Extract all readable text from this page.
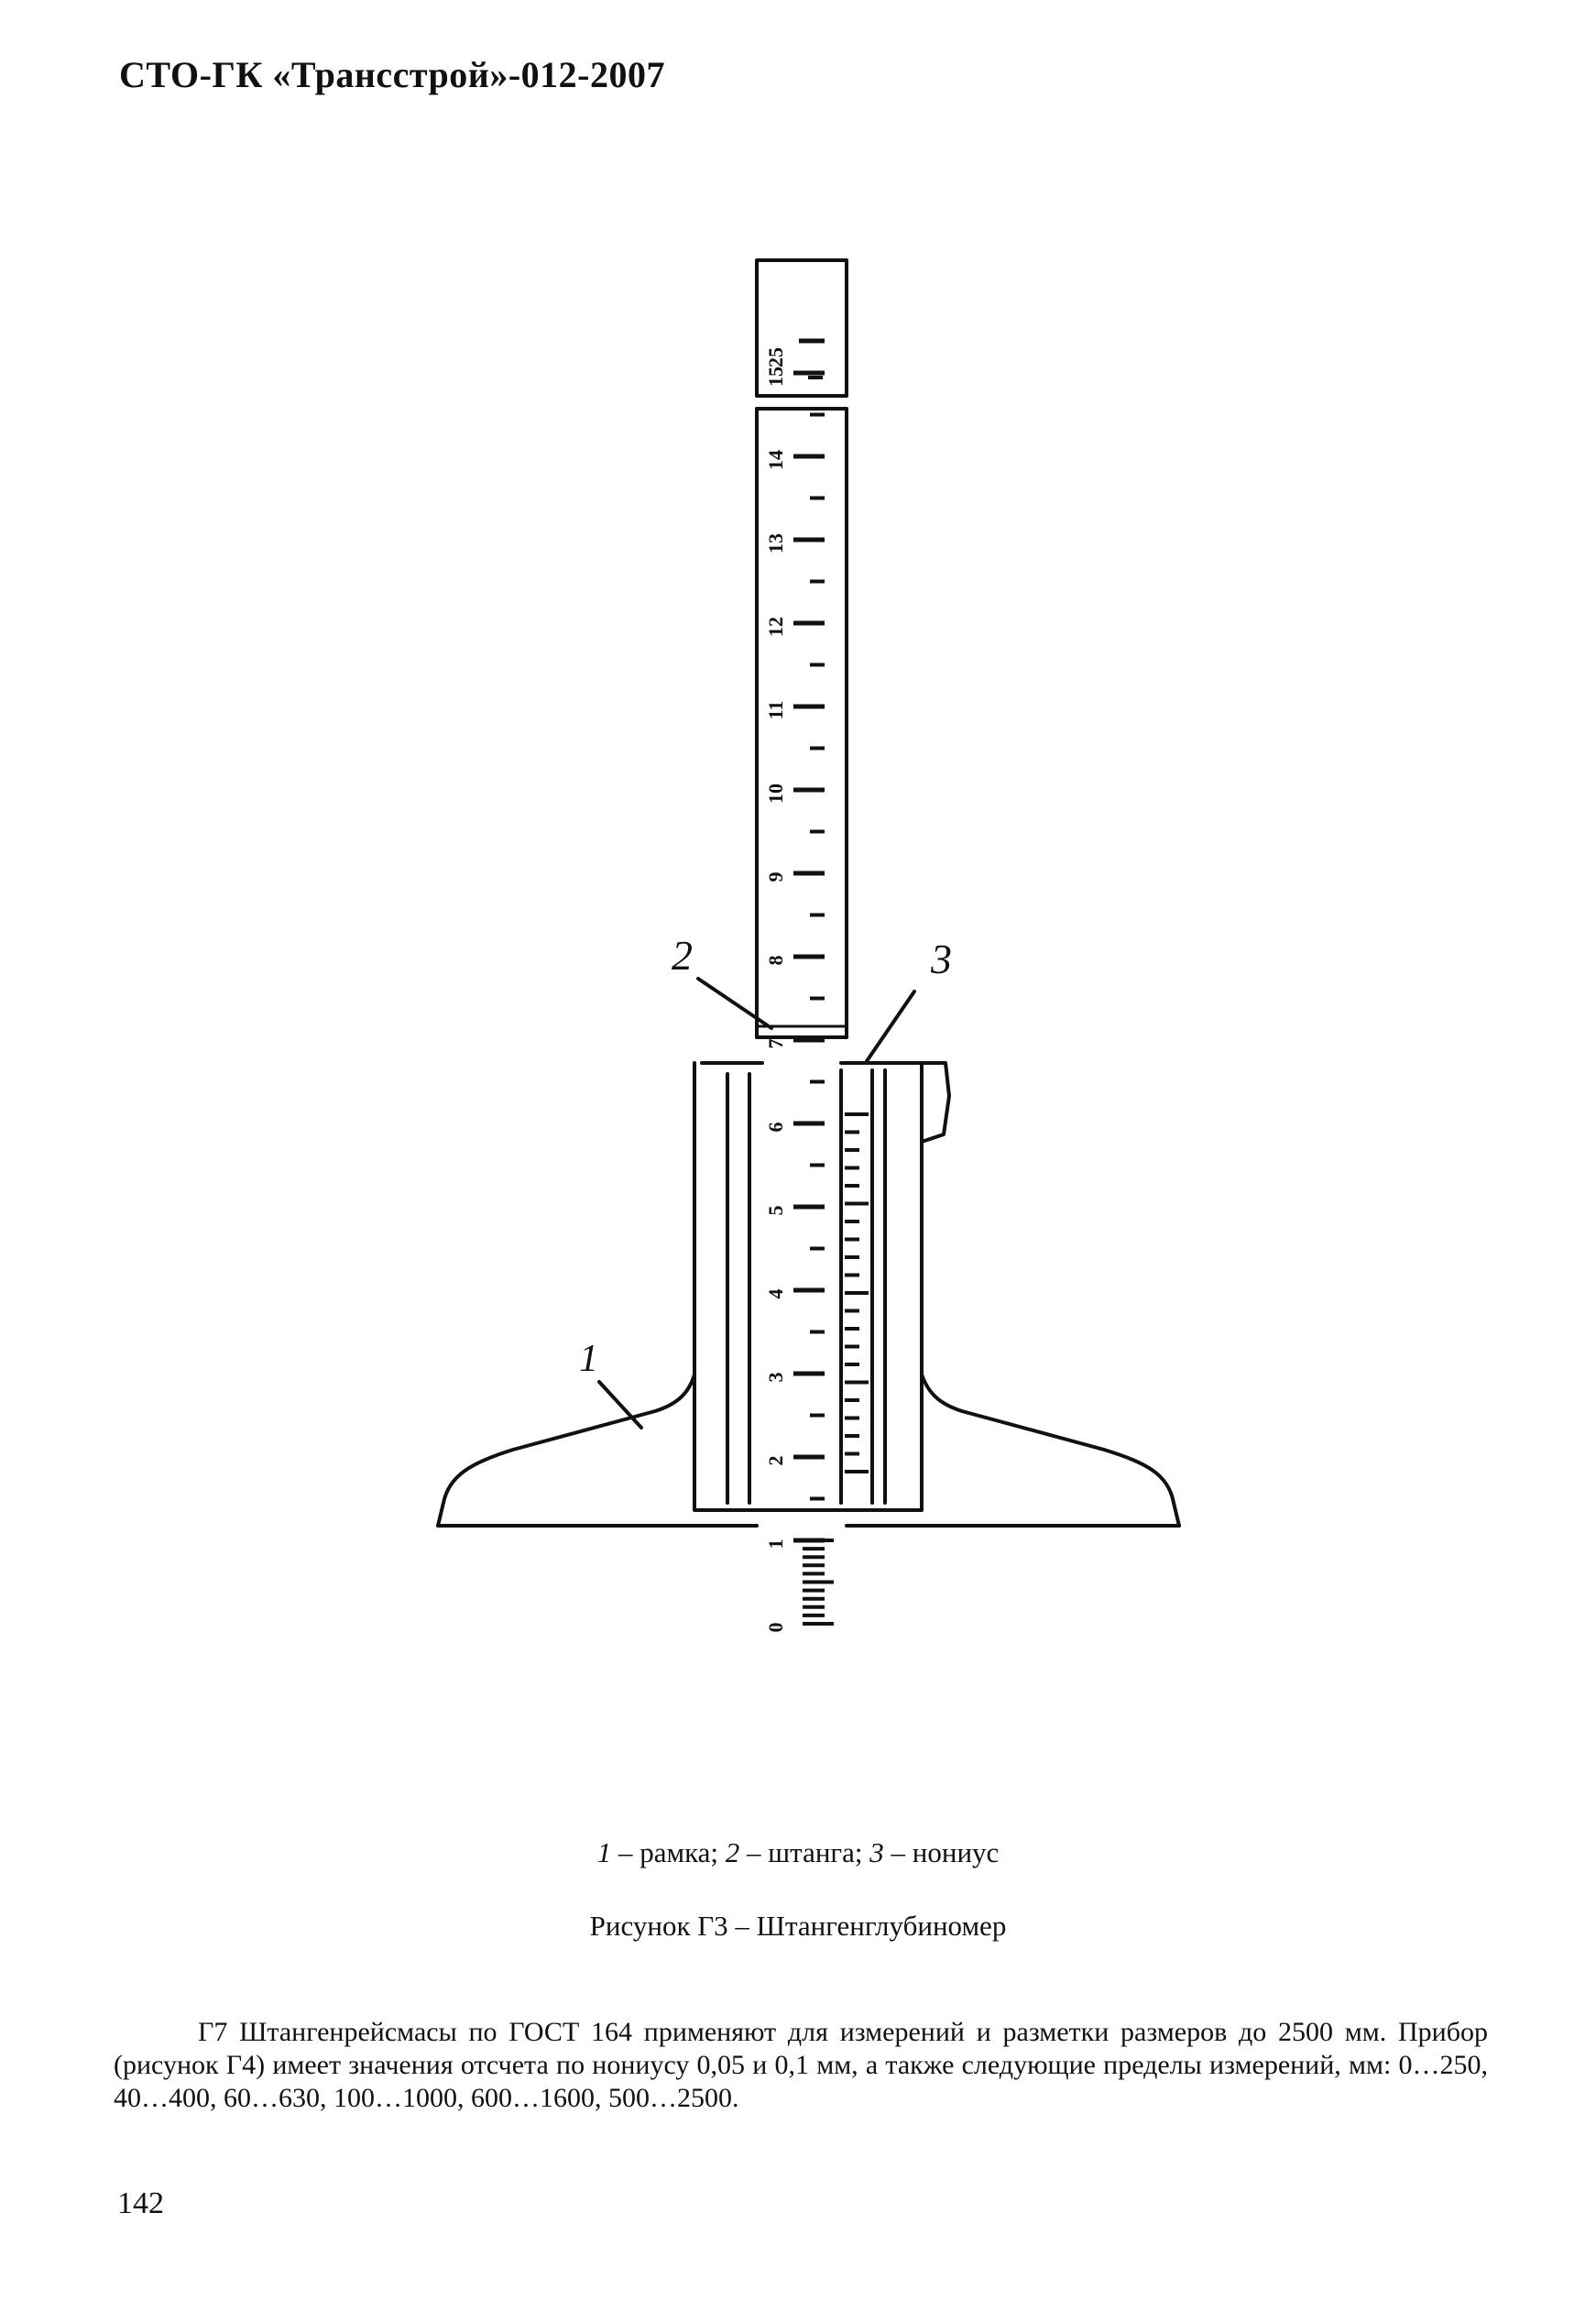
СТО-ГК «Трансстрой»-012-2007
0
1
2
3
4
5
6
7
8
9
10
11
12
13
14
15
25
2	3
1
1 – рамка; 2 – штанга; 3 – нониус
Рисунок Г3 – Штангенглубиномер
Г7 Штангенрейсмасы по ГОСТ 164 применяют для измерений и разметки размеров до 2500 мм. Прибор (рисунок Г4) имеет значения отсчета по нониусу 0,05 и 0,1 мм, а также следующие пределы измерений, мм: 0…250, 40…400, 60…630, 100…1000, 600…1600, 500…2500.
142
